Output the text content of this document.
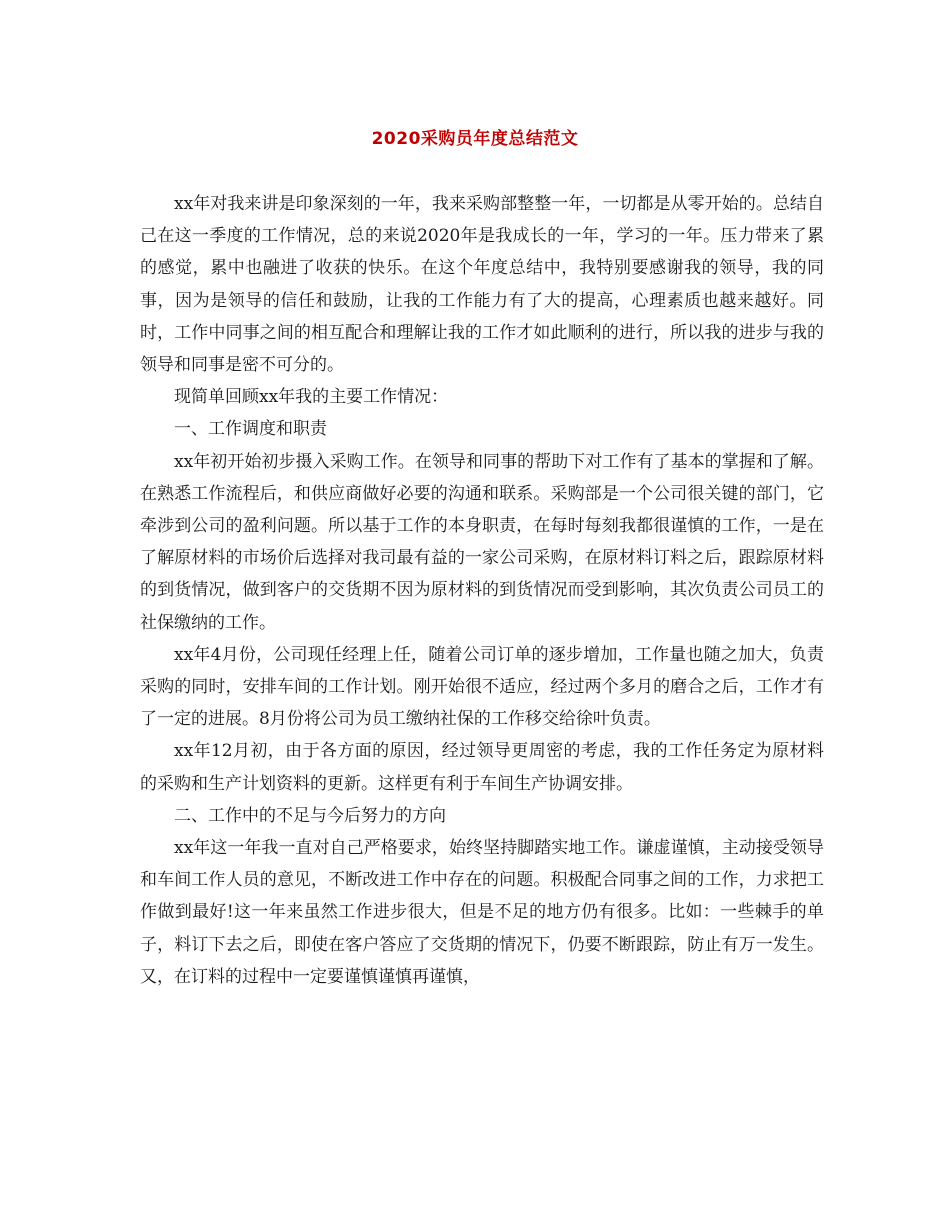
2020采购员年度总结范文

xx年对我来讲是印象深刻的一年，我来采购部整整一年，一切都是从零开始的。总结自己在这一季度的工作情况，总的来说2020年是我成长的一年，学习的一年。压力带来了累的感觉，累中也融进了收获的快乐。在这个年度总结中，我特别要感谢我的领导，我的同事，因为是领导的信任和鼓励，让我的工作能力有了大的提高，心理素质也越来越好。同时，工作中同事之间的相互配合和理解让我的工作才如此顺利的进行，所以我的进步与我的领导和同事是密不可分的。

现简单回顾xx年我的主要工作情况：

一、工作调度和职责

xx年初开始初步摄入采购工作。在领导和同事的帮助下对工作有了基本的掌握和了解。在熟悉工作流程后，和供应商做好必要的沟通和联系。采购部是一个公司很关键的部门，它牵涉到公司的盈利问题。所以基于工作的本身职责，在每时每刻我都很谨慎的工作，一是在了解原材料的市场价后选择对我司最有益的一家公司采购，在原材料订料之后，跟踪原材料的到货情况，做到客户的交货期不因为原材料的到货情况而受到影响，其次负责公司员工的社保缴纳的工作。

xx年4月份，公司现任经理上任，随着公司订单的逐步增加，工作量也随之加大，负责采购的同时，安排车间的工作计划。刚开始很不适应，经过两个多月的磨合之后，工作才有了一定的进展。8月份将公司为员工缴纳社保的工作移交给徐叶负责。

xx年12月初，由于各方面的原因，经过领导更周密的考虑，我的工作任务定为原材料的采购和生产计划资料的更新。这样更有利于车间生产协调安排。

二、工作中的不足与今后努力的方向

xx年这一年我一直对自己严格要求，始终坚持脚踏实地工作。谦虚谨慎，主动接受领导和车间工作人员的意见，不断改进工作中存在的问题。积极配合同事之间的工作，力求把工作做到最好!这一年来虽然工作进步很大，但是不足的地方仍有很多。比如：一些棘手的单子，料订下去之后，即使在客户答应了交货期的情况下，仍要不断跟踪，防止有万一发生。又，在订料的过程中一定要谨慎谨慎再谨慎，
